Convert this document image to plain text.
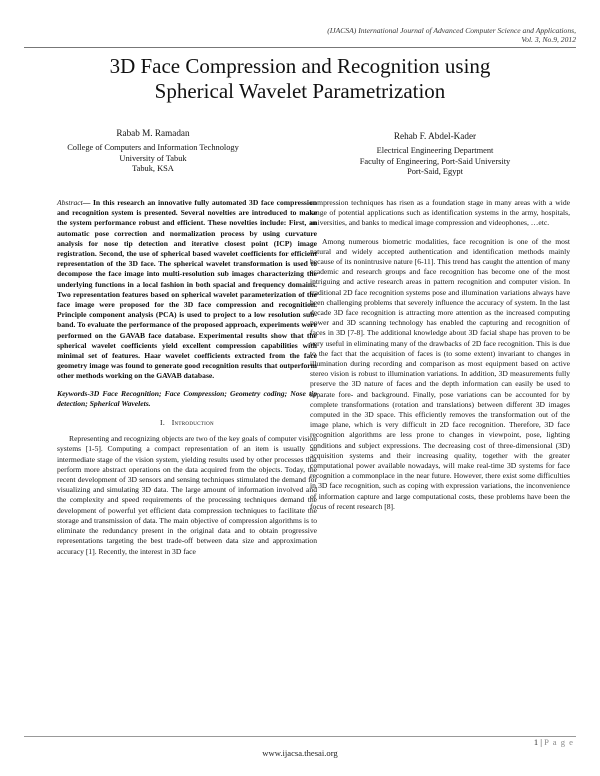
(IJACSA) International Journal of Advanced Computer Science and Applications,
Vol. 3, No.9, 2012
3D Face Compression and Recognition using
Spherical Wavelet Parametrization
Rabab M. Ramadan
College of Computers and Information Technology
University of Tabuk
Tabuk, KSA
Rehab F. Abdel-Kader
Electrical Engineering Department
Faculty of Engineering, Port-Said University
Port-Said, Egypt

Abstract— In this research an innovative fully automated 3D face compression and recognition system is presented. Several novelties are introduced to make the system performance robust and efficient. These novelties include: First, an automatic pose correction and normalization process by using curvature analysis for nose tip detection and iterative closest point (ICP) image registration. Second, the use of spherical based wavelet coefficients for efficient representation of the 3D face. The spherical wavelet transformation is used to decompose the face image into multi-resolution sub images characterizing the underlying functions in a local fashion in both spacial and frequency domains. Two representation features based on spherical wavelet parameterization of the face image were proposed for the 3D face compression and recognition. Principle component analysis (PCA) is used to project to a low resolution sub-band. To evaluate the performance of the proposed approach, experiments were performed on the GAVAB face database. Experimental results show that the spherical wavelet coefficients yield excellent compression capabilities with minimal set of features. Haar wavelet coefficients extracted from the face geometry image was found to generate good recognition results that outperform other methods working on the GAVAB database.

Keywords-3D Face Recognition; Face Compression; Geometry coding; Nose tip detection; Spherical Wavelets.

I. Introduction

Representing and recognizing objects are two of the key goals of computer vision systems [1-5]. Computing a compact representation of an item is usually an intermediate stage of the vision system, yielding results used by other processes that perform more abstract operations on the data acquired from the objects. Today, the recent development of 3D sensors and sensing techniques stimulated the demand for visualizing and simulating 3D data. The large amount of information involved and the complexity and speed requirements of the processing techniques demand the development of powerful yet efficient data compression techniques to facilitate the storage and transmission of data. The main objective of compression algorithms is to eliminate the redundancy present in the original data and to obtain progressive representations targeting the best trade-off between data size and approximation accuracy [1]. Recently, the interest in 3D face

compression techniques has risen as a foundation stage in many areas with a wide range of potential applications such as identification systems in the army, hospitals, universities, and banks to medical image compression and videophones, …etc.

Among numerous biometric modalities, face recognition is one of the most natural and widely accepted authentication and identification methods mainly because of its nonintrusive nature [6-11]. This trend has caught the attention of many academic and research groups and face recognition has become one of the most intriguing and active research areas in pattern recognition and computer vision. In traditional 2D face recognition systems pose and illumination variations always have been challenging problems that severely influence the accuracy of system. In the last decade 3D face recognition is attracting more attention as the increased computing power and 3D scanning technology has enabled the capturing and recognition of faces in 3D [7-8]. The additional knowledge about 3D facial shape has proven to be very useful in eliminating many of the drawbacks of 2D face recognition. This is due to the fact that the acquisition of faces is (to some extent) invariant to changes in illumination during recording and comparison as most equipment based on active stereo vision is robust to illumination variations. In addition, 3D measurements fully preserve the 3D nature of faces and the depth information can easily be used to separate fore- and background. Finally, pose variations can be accounted for by complete transformations (rotation and translations) between different 3D images computed in the 3D space. This efficiently removes the transformation out of the image plane, which is very difficult in 2D face recognition. Therefore, 3D face recognition algorithms are less prone to changes in viewpoint, pose, lighting conditions and subject expressions. The decreasing cost of three-dimensional (3D) acquisition systems and their increasing quality, together with the greater computational power available nowadays, will make real-time 3D systems for face recognition a commonplace in the near future. However, there exist some difficulties in 3D face recognition, such as coping with expression variations, the inconvenience of information capture and large computational costs, these problems have been the focus of recent research [8].

1 | P a g e
www.ijacsa.thesai.org
